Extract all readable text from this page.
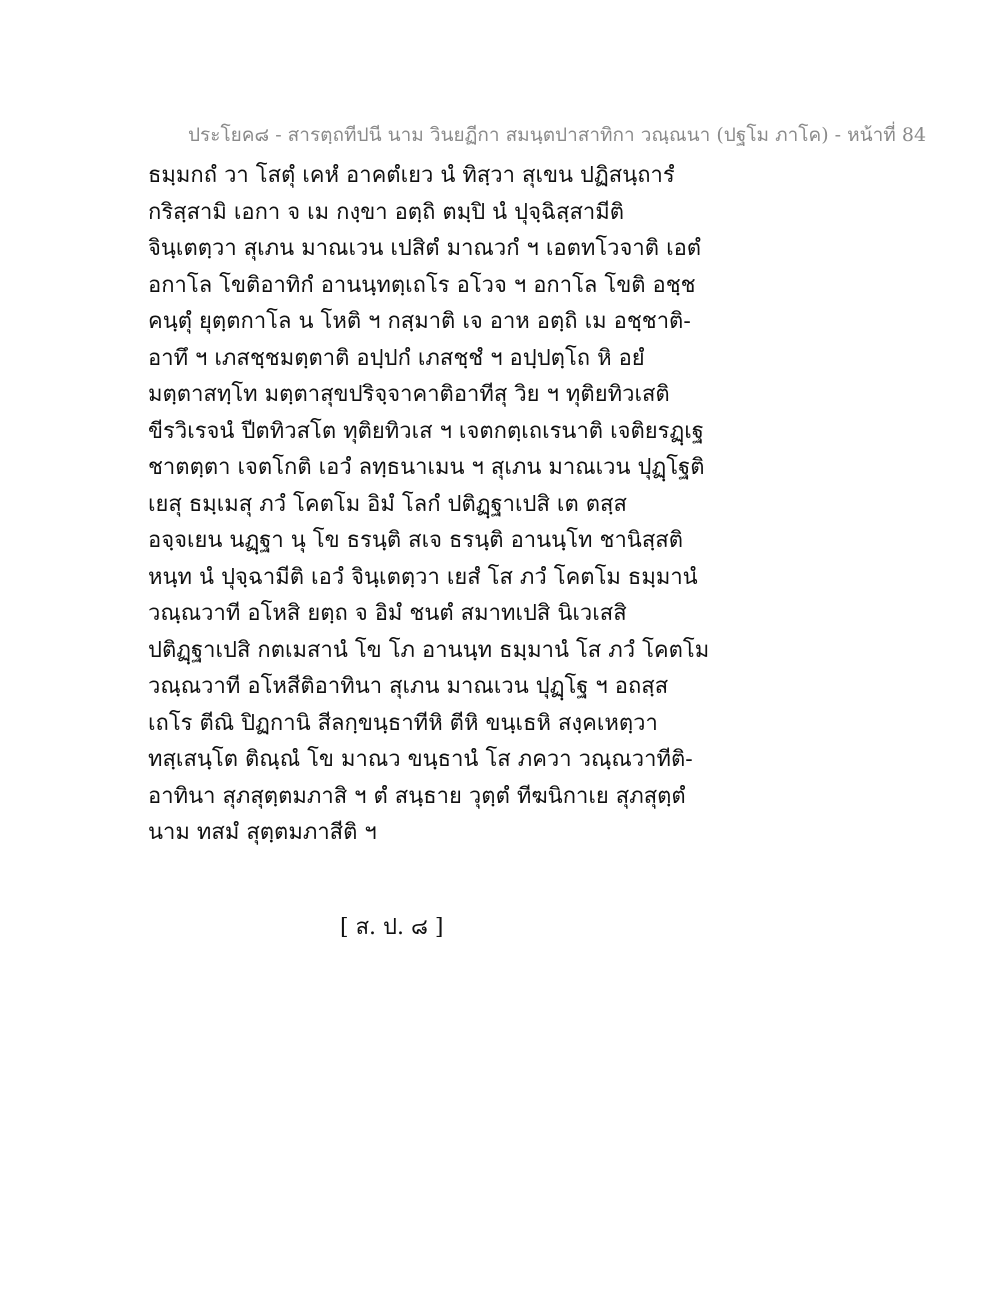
ประโยค๘ - สารตฺถทีปนี นาม วินยฏีกา สมนฺตปาสาทิกา วณฺณนา (ปฐโม ภาโค) - หน้าที่ 84
ธมฺมกถํ วา โสตุํ เคหํ อาคตํเยว นํ ทิสฺวา สุเขน ปฏิสนฺถารํ
กริสฺสามิ เอกา จ เม กงฺขา อตฺถิ ตมฺปิ นํ ปุจฺฉิสฺสามีติ
จินฺเตตฺวา สุเภน มาณเวน เปสิตํ มาณวกํ ฯ เอตทโวจาติ เอตํ
อกาโล โขติอาทิกํ อานนฺทตฺเถโร อโวจ ฯ อกาโล โขติ อชฺช
คนฺตุํ ยุตฺตกาโล น โหติ ฯ กสฺมาติ เจ อาห อตฺถิ เม อชฺชาติ-
อาทึ ฯ เภสชฺชมตฺตาติ อปฺปกํ เภสชฺชํ ฯ อปฺปตฺโถ หิ อยํ
มตฺตาสทฺโท มตฺตาสุขปริจฺจาคาติอาทีสุ วิย ฯ ทุติยทิวเสติ
ขีรวิเรจนํ ปีตทิวสโต ทุติยทิวเส ฯ เจตกตฺเถเรนาติ เจติยรฏฺเฐ
ชาตตฺตา เจตโกติ เอวํ ลทฺธนาเมน ฯ สุเภน มาณเวน ปุฏฺโฐติ
เยสุ ธมฺเมสุ ภวํ โคตโม อิมํ โลกํ ปติฏฺฐาเปสิ เต ตสฺส
อจฺจเยน นฏฺฐา นุ โข ธรนฺติ สเจ ธรนฺติ อานนฺโท ชานิสฺสติ
หนฺท นํ ปุจฺฉามีติ เอวํ จินฺเตตฺวา เยสํ โส ภวํ โคตโม ธมฺมานํ
วณฺณวาที อโหสิ ยตฺถ จ อิมํ ชนตํ สมาทเปสิ นิเวเสสิ
ปติฏฺฐาเปสิ กตเมสานํ โข โภ อานนฺท ธมฺมานํ โส ภวํ โคตโม
วณฺณวาที อโหสีติอาทินา สุเภน มาณเวน ปุฏฺโฐ ฯ อถสฺส
เถโร ตีณิ ปิฏกานิ สีลกฺขนฺธาทีหิ ตีหิ ขนฺเธหิ สงฺคเหตฺวา
ทสฺเสนฺโต ติณฺณํ โข มาณว ขนฺธานํ โส ภควา วณฺณวาทีติ-
อาทินา สุภสุตฺตมภาสิ ฯ ตํ สนฺธาย วุตฺตํ ทีฆนิกาเย สุภสุตฺตํ
นาม ทสมํ สุตฺตมภาสีติ ฯ
[ ส. ป. ๘ ]
